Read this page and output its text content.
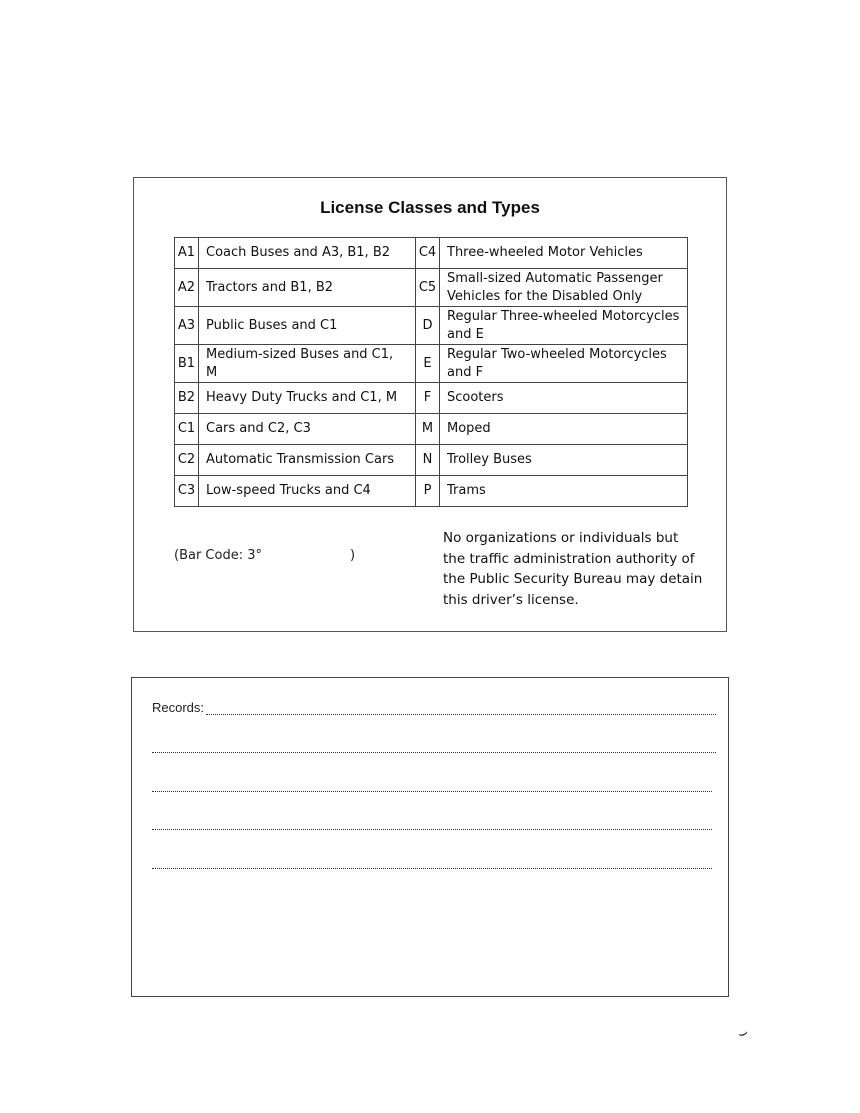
License Classes and Types
A1	Coach Buses and A3, B1, B2	C4	Three-wheeled Motor Vehicles
A2	Tractors and B1, B2	C5	Small-sized Automatic Passenger Vehicles for the Disabled Only
A3	Public Buses and C1	D	Regular Three-wheeled Motorcycles and E
B1	Medium-sized Buses and C1, M	E	Regular Two-wheeled Motorcycles and F
B2	Heavy Duty Trucks and C1, M	F	Scooters
C1	Cars and C2, C3	M	Moped
C2	Automatic Transmission Cars	N	Trolley Buses
C3	Low-speed Trucks and C4	P	Trams
(Bar Code: 3°	)
No organizations or individuals but the traffic administration authority of the Public Security Bureau may detain this driver’s license.
Records:
⌣
